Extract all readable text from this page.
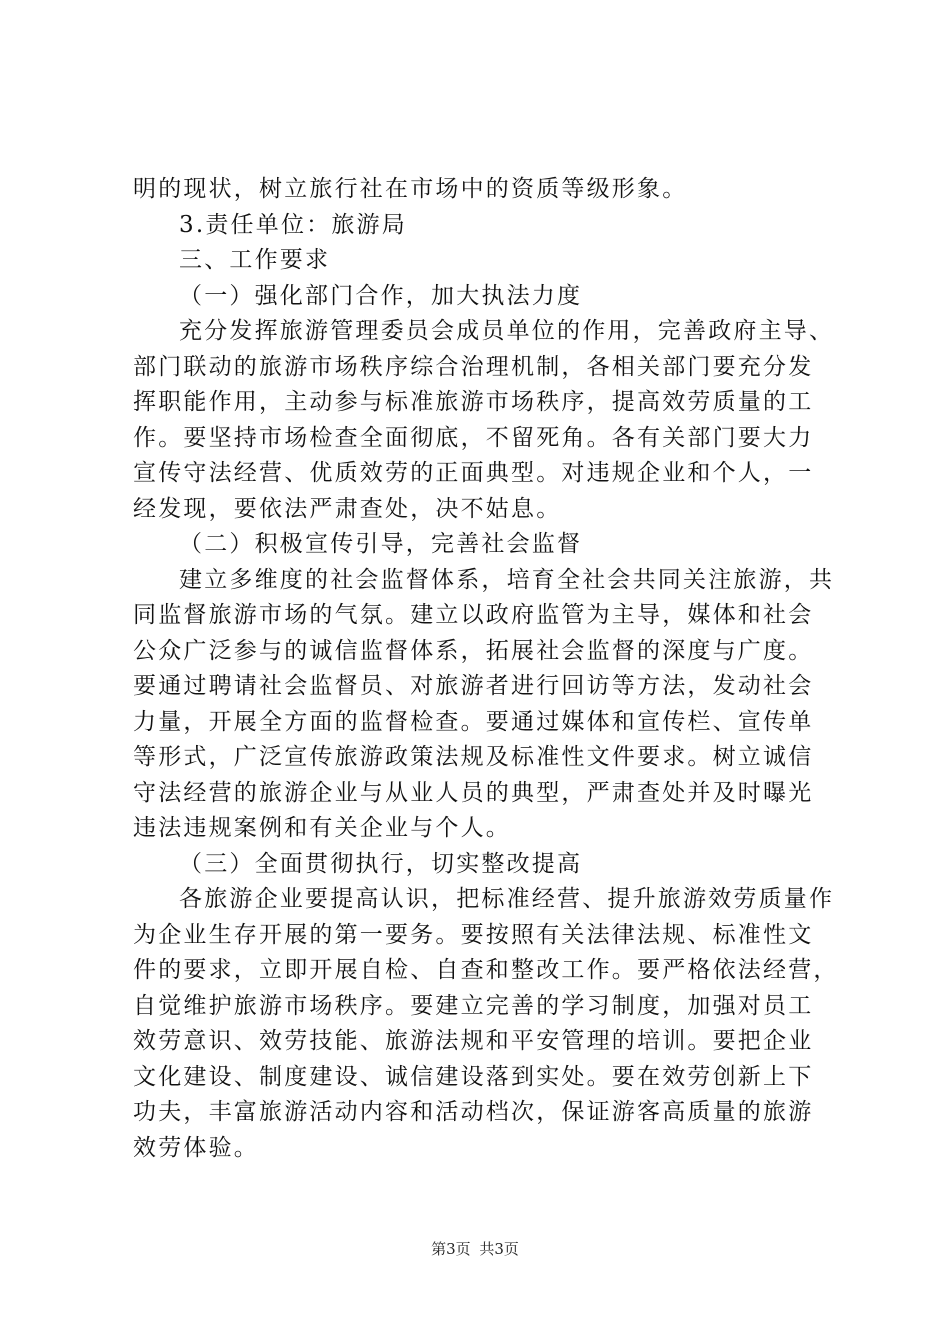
明的现状，树立旅行社在市场中的资质等级形象。
3.责任单位：旅游局
三、工作要求
（一）强化部门合作，加大执法力度
充分发挥旅游管理委员会成员单位的作用，完善政府主导、
部门联动的旅游市场秩序综合治理机制，各相关部门要充分发
挥职能作用，主动参与标准旅游市场秩序，提高效劳质量的工
作。要坚持市场检查全面彻底，不留死角。各有关部门要大力
宣传守法经营、优质效劳的正面典型。对违规企业和个人，一
经发现，要依法严肃查处，决不姑息。
（二）积极宣传引导，完善社会监督
建立多维度的社会监督体系，培育全社会共同关注旅游，共
同监督旅游市场的气氛。建立以政府监管为主导，媒体和社会
公众广泛参与的诚信监督体系，拓展社会监督的深度与广度。
要通过聘请社会监督员、对旅游者进行回访等方法，发动社会
力量，开展全方面的监督检查。要通过媒体和宣传栏、宣传单
等形式，广泛宣传旅游政策法规及标准性文件要求。树立诚信
守法经营的旅游企业与从业人员的典型，严肃查处并及时曝光
违法违规案例和有关企业与个人。
（三）全面贯彻执行，切实整改提高
各旅游企业要提高认识，把标准经营、提升旅游效劳质量作
为企业生存开展的第一要务。要按照有关法律法规、标准性文
件的要求，立即开展自检、自查和整改工作。要严格依法经营，
自觉维护旅游市场秩序。要建立完善的学习制度，加强对员工
效劳意识、效劳技能、旅游法规和平安管理的培训。要把企业
文化建设、制度建设、诚信建设落到实处。要在效劳创新上下
功夫，丰富旅游活动内容和活动档次，保证游客高质量的旅游
效劳体验。
第3页 共3页
